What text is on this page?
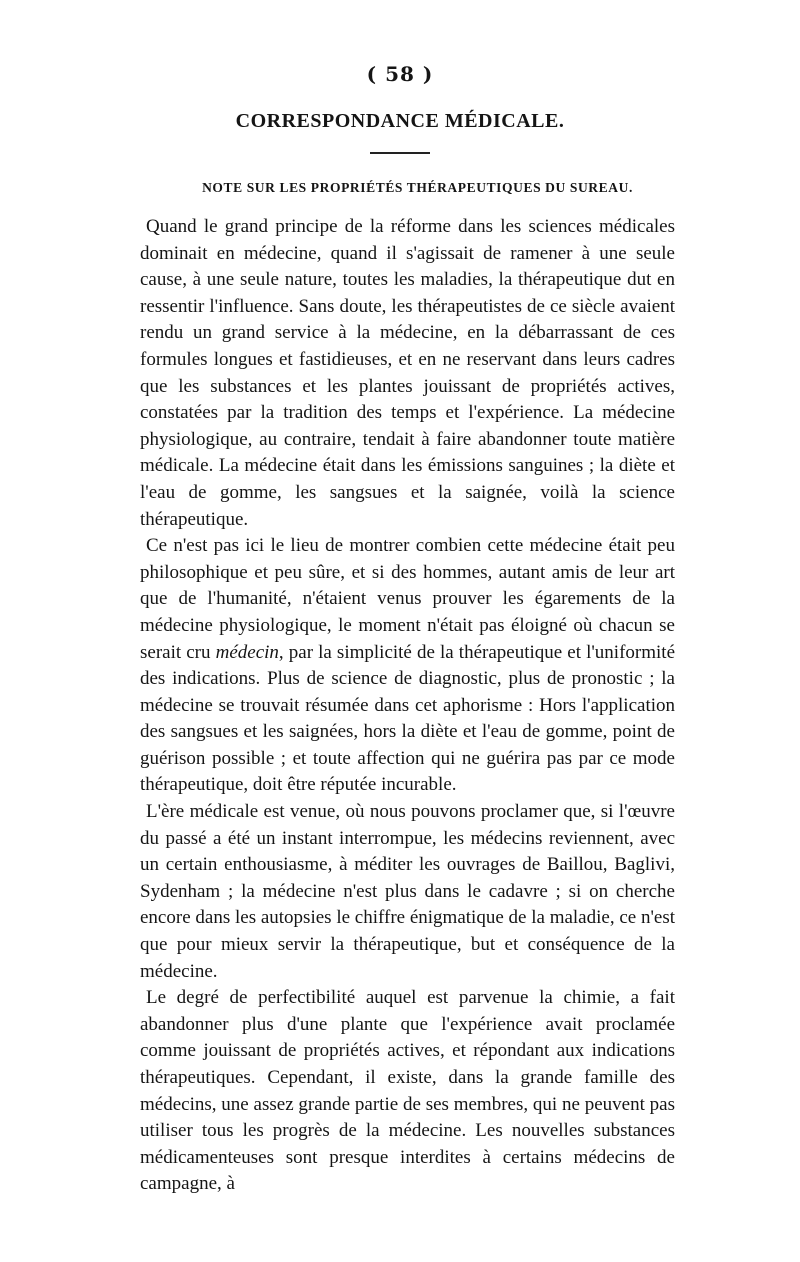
( 58 )
CORRESPONDANCE MÉDICALE.
NOTE SUR LES PROPRIÉTÉS THÉRAPEUTIQUES DU SUREAU.

Quand le grand principe de la réforme dans les sciences médicales dominait en médecine, quand il s'agissait de ramener à une seule cause, à une seule nature, toutes les maladies, la thérapeutique dut en ressentir l'influence. Sans doute, les thérapeutistes de ce siècle avaient rendu un grand service à la médecine, en la débarrassant de ces formules longues et fastidieuses, et en ne reservant dans leurs cadres que les substances et les plantes jouissant de propriétés actives, constatées par la tradition des temps et l'expérience. La médecine physiologique, au contraire, tendait à faire abandonner toute matière médicale. La médecine était dans les émissions sanguines ; la diète et l'eau de gomme, les sangsues et la saignée, voilà la science thérapeutique.

Ce n'est pas ici le lieu de montrer combien cette médecine était peu philosophique et peu sûre, et si des hommes, autant amis de leur art que de l'humanité, n'étaient venus prouver les égarements de la médecine physiologique, le moment n'était pas éloigné où chacun se serait cru médecin, par la simplicité de la thérapeutique et l'uniformité des indications. Plus de science de diagnostic, plus de pronostic ; la médecine se trouvait résumée dans cet aphorisme : Hors l'application des sangsues et les saignées, hors la diète et l'eau de gomme, point de guérison possible ; et toute affection qui ne guérira pas par ce mode thérapeutique, doit être réputée incurable.

L'ère médicale est venue, où nous pouvons proclamer que, si l'œuvre du passé a été un instant interrompue, les médecins reviennent, avec un certain enthousiasme, à méditer les ouvrages de Baillou, Baglivi, Sydenham ; la médecine n'est plus dans le cadavre ; si on cherche encore dans les autopsies le chiffre énigmatique de la maladie, ce n'est que pour mieux servir la thérapeutique, but et conséquence de la médecine.

Le degré de perfectibilité auquel est parvenue la chimie, a fait abandonner plus d'une plante que l'expérience avait proclamée comme jouissant de propriétés actives, et répondant aux indications thérapeutiques. Cependant, il existe, dans la grande famille des médecins, une assez grande partie de ses membres, qui ne peuvent pas utiliser tous les progrès de la médecine. Les nouvelles substances médicamenteuses sont presque interdites à certains médecins de campagne, à
